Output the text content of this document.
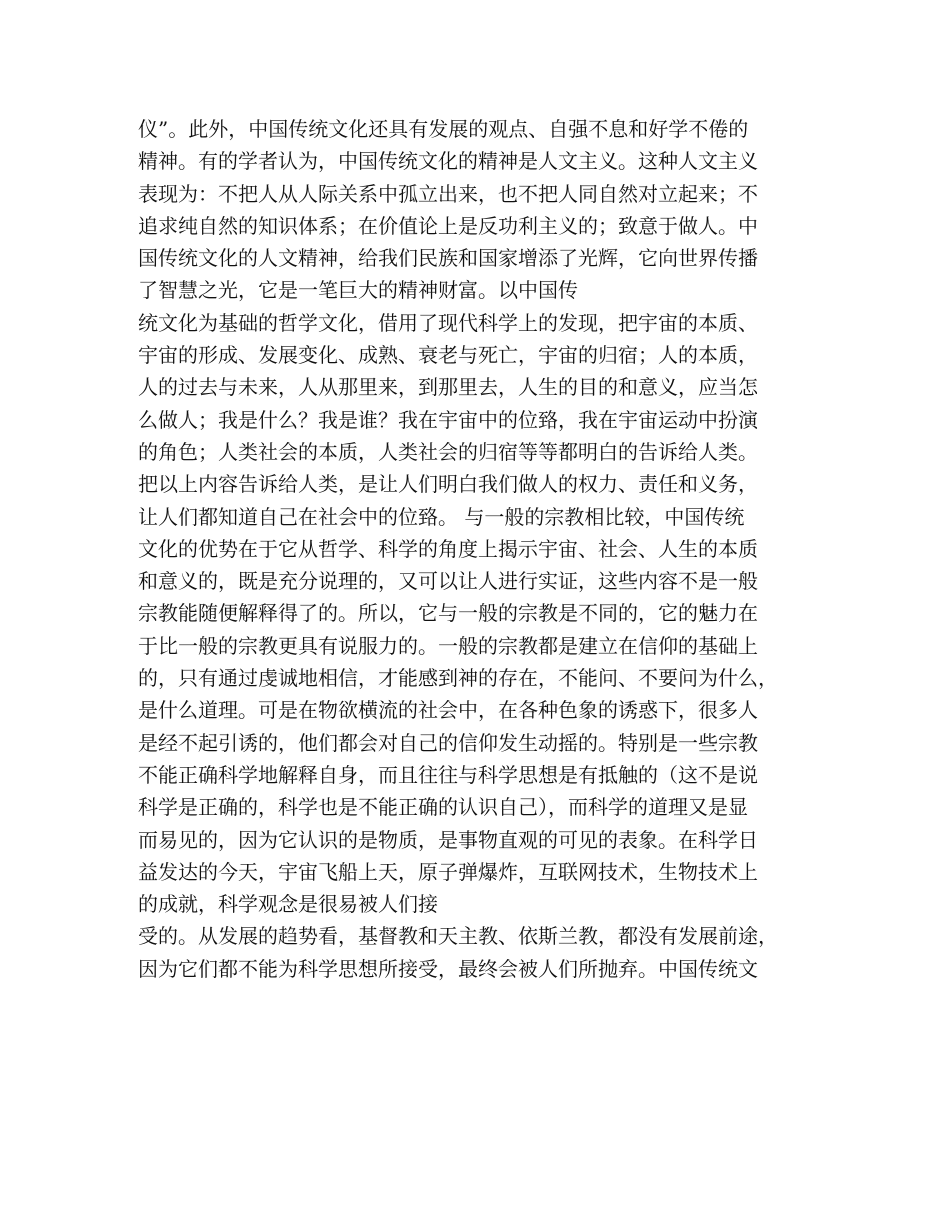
仪”。此外，中国传统文化还具有发展的观点、自强不息和好学不倦的
精神。有的学者认为，中国传统文化的精神是人文主义。这种人文主义
表现为：不把人从人际关系中孤立出来，也不把人同自然对立起来；不
追求纯自然的知识体系；在价值论上是反功利主义的；致意于做人。中
国传统文化的人文精神，给我们民族和国家增添了光辉，它向世界传播
了智慧之光，它是一笔巨大的精神财富。以中国传
统文化为基础的哲学文化，借用了现代科学上的发现，把宇宙的本质、
宇宙的形成、发展变化、成熟、衰老与死亡，宇宙的归宿；人的本质，
人的过去与未来，人从那里来，到那里去，人生的目的和意义，应当怎
么做人；我是什么？我是谁？我在宇宙中的位臵，我在宇宙运动中扮演
的角色；人类社会的本质，人类社会的归宿等等都明白的告诉给人类。
把以上内容告诉给人类，是让人们明白我们做人的权力、责任和义务，
让人们都知道自己在社会中的位臵。 与一般的宗教相比较，中国传统
文化的优势在于它从哲学、科学的角度上揭示宇宙、社会、人生的本质
和意义的，既是充分说理的，又可以让人进行实证，这些内容不是一般
宗教能随便解释得了的。所以，它与一般的宗教是不同的，它的魅力在
于比一般的宗教更具有说服力的。一般的宗教都是建立在信仰的基础上
的，只有通过虔诚地相信，才能感到神的存在，不能问、不要问为什么，
是什么道理。可是在物欲横流的社会中，在各种色象的诱惑下，很多人
是经不起引诱的，他们都会对自己的信仰发生动摇的。特别是一些宗教
不能正确科学地解释自身，而且往往与科学思想是有抵触的（这不是说
科学是正确的，科学也是不能正确的认识自己），而科学的道理又是显
而易见的，因为它认识的是物质，是事物直观的可见的表象。在科学日
益发达的今天，宇宙飞船上天，原子弹爆炸，互联网技术，生物技术上
的成就，科学观念是很易被人们接
受的。从发展的趋势看，基督教和天主教、依斯兰教，都没有发展前途，
因为它们都不能为科学思想所接受，最终会被人们所抛弃。中国传统文
